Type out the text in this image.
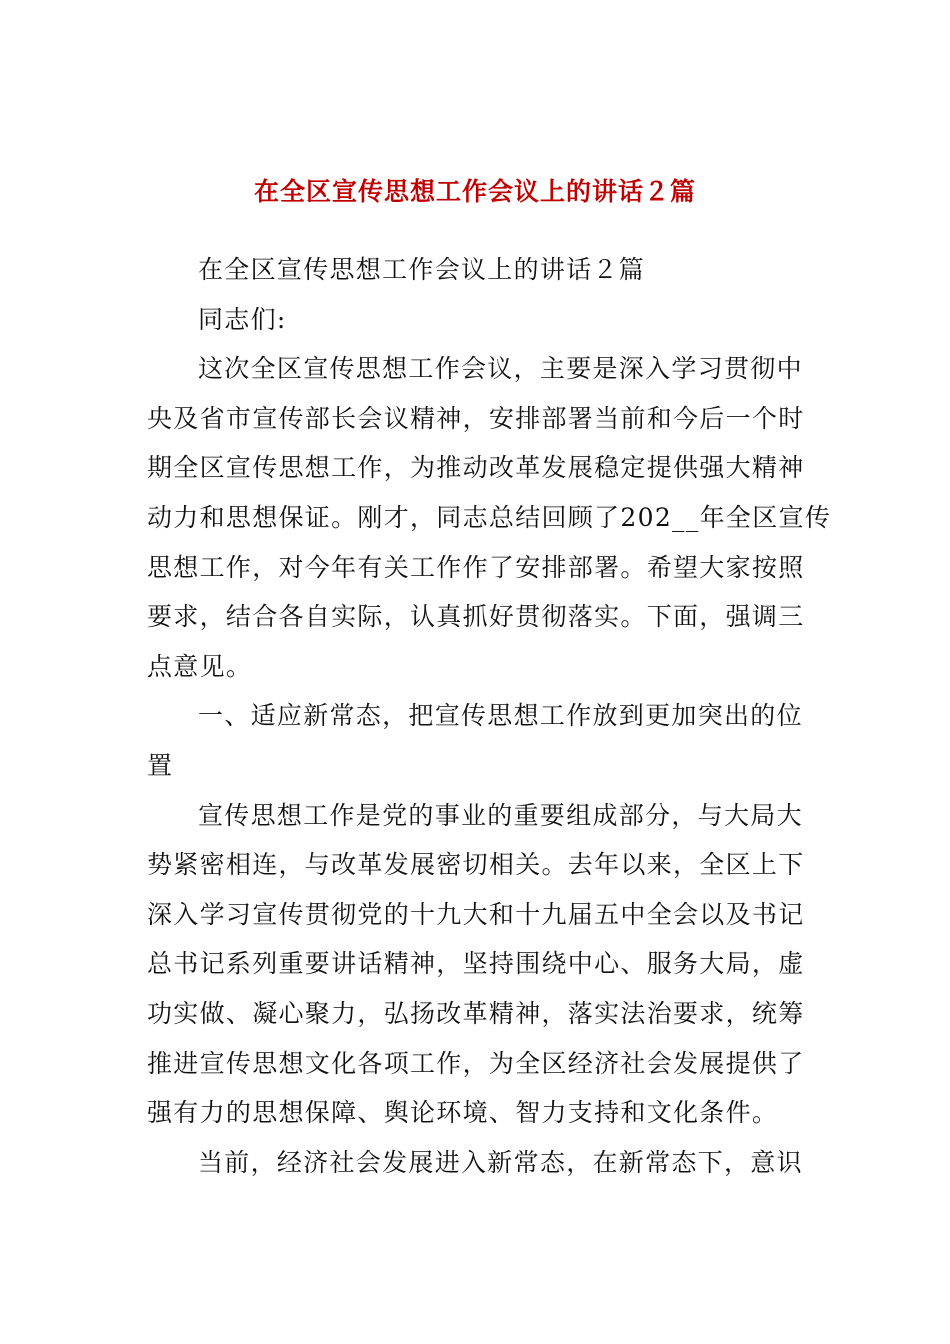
在全区宣传思想工作会议上的讲话２篇
在全区宣传思想工作会议上的讲话２篇
同志们:
这次全区宣传思想工作会议，主要是深入学习贯彻中
央及省市宣传部长会议精神，安排部署当前和今后一个时
期全区宣传思想工作，为推动改革发展稳定提供强大精神
动力和思想保证。刚才，同志总结回顾了202__年全区宣传
思想工作，对今年有关工作作了安排部署。希望大家按照
要求，结合各自实际，认真抓好贯彻落实。下面，强调三
点意见。
一、适应新常态，把宣传思想工作放到更加突出的位
置
宣传思想工作是党的事业的重要组成部分，与大局大
势紧密相连，与改革发展密切相关。去年以来，全区上下
深入学习宣传贯彻党的十九大和十九届五中全会以及书记
总书记系列重要讲话精神，坚持围绕中心、服务大局，虚
功实做、凝心聚力，弘扬改革精神，落实法治要求，统筹
推进宣传思想文化各项工作，为全区经济社会发展提供了
强有力的思想保障、舆论环境、智力支持和文化条件。
当前，经济社会发展进入新常态，在新常态下，意识
